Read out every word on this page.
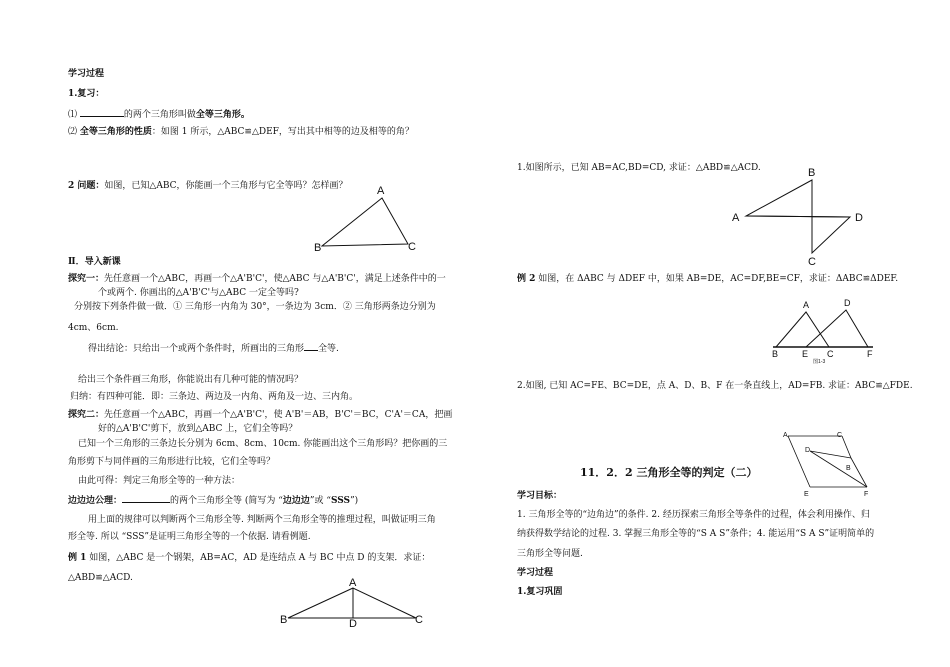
学习过程
1.复习：
⑴	的两个三角形叫做全等三角形。
⑵ 全等三角形的性质：如图 1 所示，△ABC≌△DEF，写出其中相等的边及相等的角？
2 问题：如图，已知△ABC，你能画一个三角形与它全等吗？怎样画？	A
B	C
Ⅱ．导入新课
探究一：先任意画一个△ABC，再画一个△A'B'C'，使△ABC 与△A'B'C'，满足上述条件中的一
个或两个. 你画出的△A'B'C'与△ABC 一定全等吗?
分别按下列条件做一做．① 三角形一内角为 30°，一条边为 3cm．② 三角形两条边分别为
4cm、6cm.
得出结论：只给出一个或两个条件时，所画出的三角形 全等.
给出三个条件画三角形，你能说出有几种可能的情况吗？
归纳：有四种可能．即：三条边、两边及一内角、两角及一边、三内角。
探究二：先任意画一个△ABC，再画一个△A'B'C'，使 A'B'＝AB，B'C'＝BC，C'A'＝CA，把画
好的△A'B'C'剪下，放到△ABC 上，它们全等吗？
已知一个三角形的三条边长分别为 6cm、8cm、10cm. 你能画出这个三角形吗？把你画的三
角形剪下与同伴画的三角形进行比较，它们全等吗？
由此可得：判定三角形全等的一种方法：
边边边公理：	的两个三角形全等 (简写为 “边边边”或 “SSS”)
用上面的规律可以判断两个三角形全等. 判断两个三角形全等的推理过程，叫做证明三角
形全等. 所以 “SSS”是证明三角形全等的一个依据. 请看例题.
例 1 如图，△ABC 是一个钢架，AB=AC，AD 是连结点 A 与 BC 中点 D 的支架．求证：
△ABD≌△ACD.	A
B	D	C
1.如图所示，已知 AB=AC,BD=CD, 求证：△ABD≌△ACD.	B
A	D
C
例 2 如图，在 ΔABC 与 ΔDEF 中，如果 AB=DE，AC=DF,BE=CF，求证：ΔABC≌ΔDEF.
A	D
B	E C	F
图1-3
2.如图, 已知 AC=FE、BC=DE，点 A、D、B、F 在一条直线上，AD=FB. 求证：ABC≌△FDE.
A	C
D
B
E	F
11．2．2 三角形全等的判定（二）
学习目标：
1. 三角形全等的“边角边”的条件. 2. 经历探索三角形全等条件的过程，体会利用操作、归
纳获得数学结论的过程. 3. 掌握三角形全等的“S A S”条件；4. 能运用“S A S”证明简单的
三角形全等问题.
学习过程
1.复习巩固
